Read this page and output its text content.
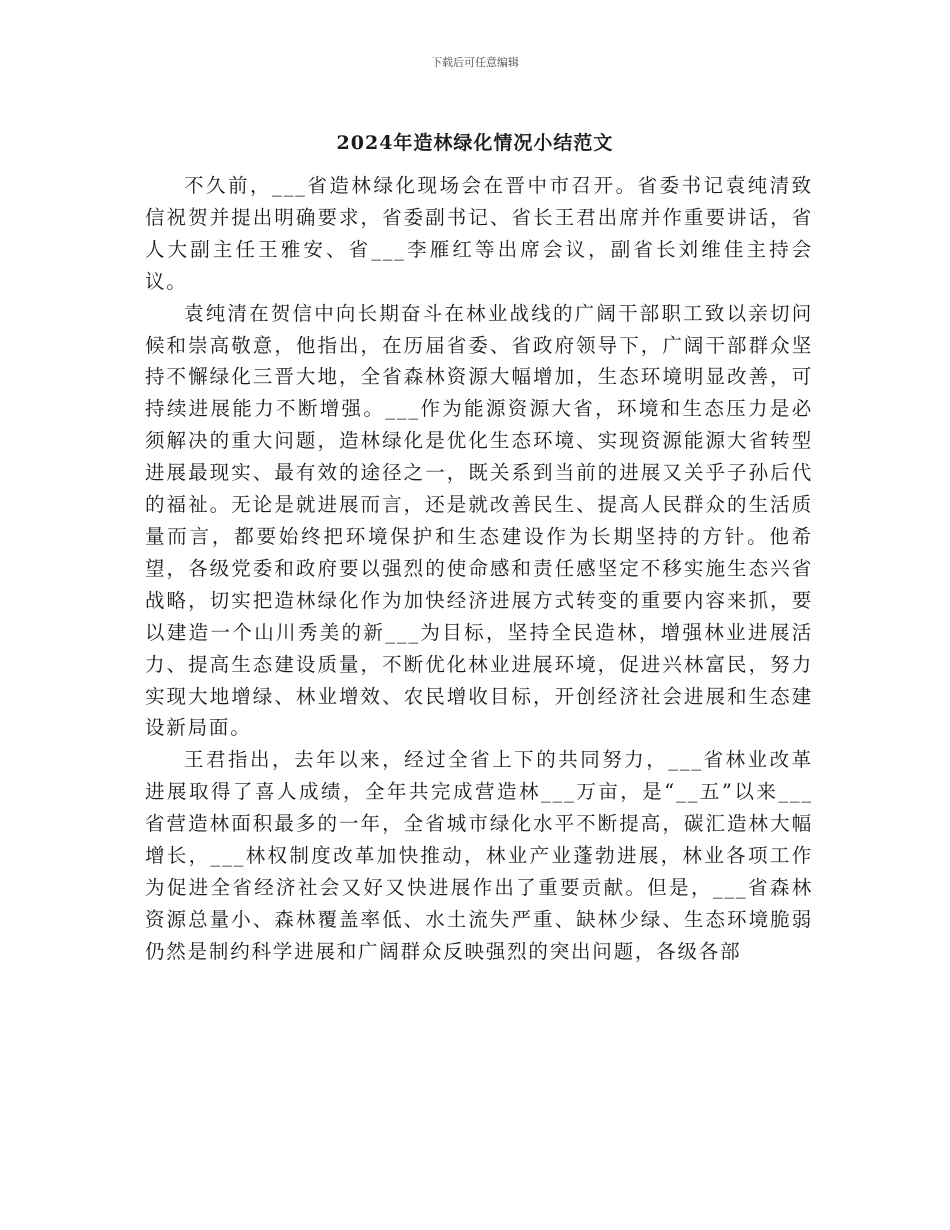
下载后可任意编辑
2024年造林绿化情况小结范文

不久前，___省造林绿化现场会在晋中市召开。省委书记袁纯清致信祝贺并提出明确要求，省委副书记、省长王君出席并作重要讲话，省人大副主任王雅安、省___李雁红等出席会议，副省长刘维佳主持会议。

袁纯清在贺信中向长期奋斗在林业战线的广阔干部职工致以亲切问候和崇高敬意，他指出，在历届省委、省政府领导下，广阔干部群众坚持不懈绿化三晋大地，全省森林资源大幅增加，生态环境明显改善，可持续进展能力不断增强。___作为能源资源大省，环境和生态压力是必须解决的重大问题，造林绿化是优化生态环境、实现资源能源大省转型进展最现实、最有效的途径之一，既关系到当前的进展又关乎子孙后代的福祉。无论是就进展而言，还是就改善民生、提高人民群众的生活质量而言，都要始终把环境保护和生态建设作为长期坚持的方针。他希望，各级党委和政府要以强烈的使命感和责任感坚定不移实施生态兴省战略，切实把造林绿化作为加快经济进展方式转变的重要内容来抓，要以建造一个山川秀美的新___为目标，坚持全民造林，增强林业进展活力、提高生态建设质量，不断优化林业进展环境，促进兴林富民，努力实现大地增绿、林业增效、农民增收目标，开创经济社会进展和生态建设新局面。

王君指出，去年以来，经过全省上下的共同努力，___省林业改革进展取得了喜人成绩，全年共完成营造林___万亩，是“__五”以来___省营造林面积最多的一年，全省城市绿化水平不断提高，碳汇造林大幅增长，___林权制度改革加快推动，林业产业蓬勃进展，林业各项工作为促进全省经济社会又好又快进展作出了重要贡献。但是，___省森林资源总量小、森林覆盖率低、水土流失严重、缺林少绿、生态环境脆弱仍然是制约科学进展和广阔群众反映强烈的突出问题，各级各部
